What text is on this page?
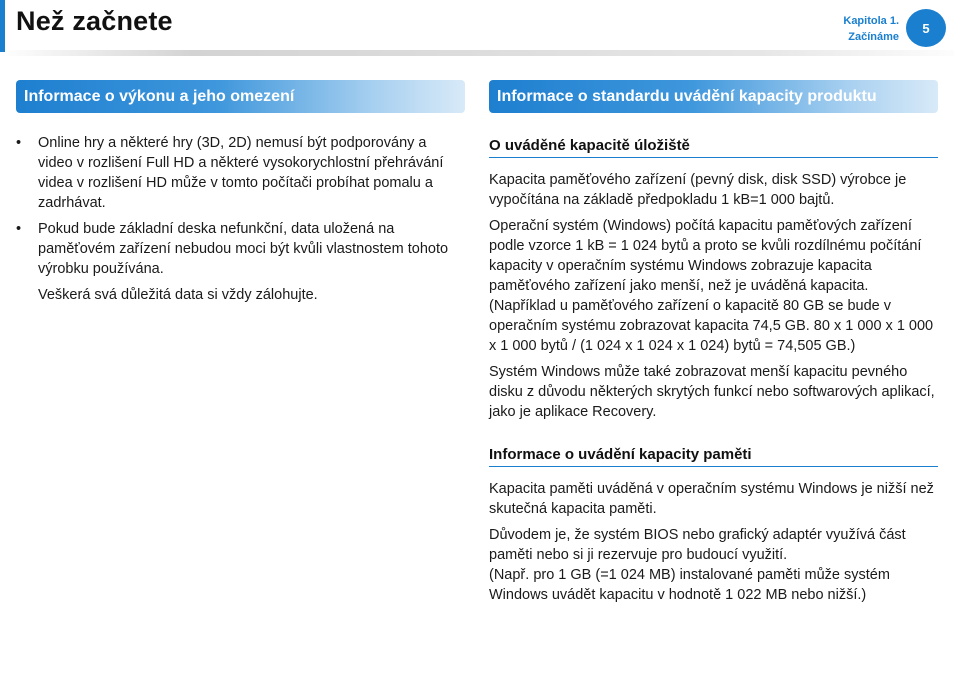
Než začnete	Kapitola 1.
Začínáme
5
Informace o výkonu a jeho omezení
• Online hry a některé hry (3D, 2D) nemusí být podporovány a video v rozlišení Full HD a některé vysokorychlostní přehrávání videa v rozlišení HD může v tomto počítači probíhat pomalu a zadrhávat.
• Pokud bude základní deska nefunkční, data uložená na paměťovém zařízení nebudou moci být kvůli vlastnostem tohoto výrobku používána.

Veškerá svá důležitá data si vždy zálohujte.

Informace o standardu uvádění kapacity produktu
O uváděné kapacitě úložiště

Kapacita paměťového zařízení (pevný disk, disk SSD) výrobce je vypočítána na základě předpokladu 1 kB=1 000 bajtů.

Operační systém (Windows) počítá kapacitu paměťových zařízení podle vzorce 1 kB = 1 024 bytů a proto se kvůli rozdílnému počítání kapacity v operačním systému Windows zobrazuje kapacita paměťového zařízení jako menší, než je uváděná kapacita.

(Například u paměťového zařízení o kapacitě 80 GB se bude v operačním systému zobrazovat kapacita 74,5 GB. 80 x 1 000 x 1 000 x 1 000 bytů / (1 024 x 1 024 x 1 024) bytů = 74,505 GB.)

Systém Windows může také zobrazovat menší kapacitu pevného disku z důvodu některých skrytých funkcí nebo softwarových aplikací, jako je aplikace Recovery.

Informace o uvádění kapacity paměti

Kapacita paměti uváděná v operačním systému Windows je nižší než skutečná kapacita paměti.

Důvodem je, že systém BIOS nebo grafický adaptér využívá část paměti nebo si ji rezervuje pro budoucí využití.

(Např. pro 1 GB (=1 024 MB) instalované paměti může systém Windows uvádět kapacitu v hodnotě 1 022 MB nebo nižší.)
